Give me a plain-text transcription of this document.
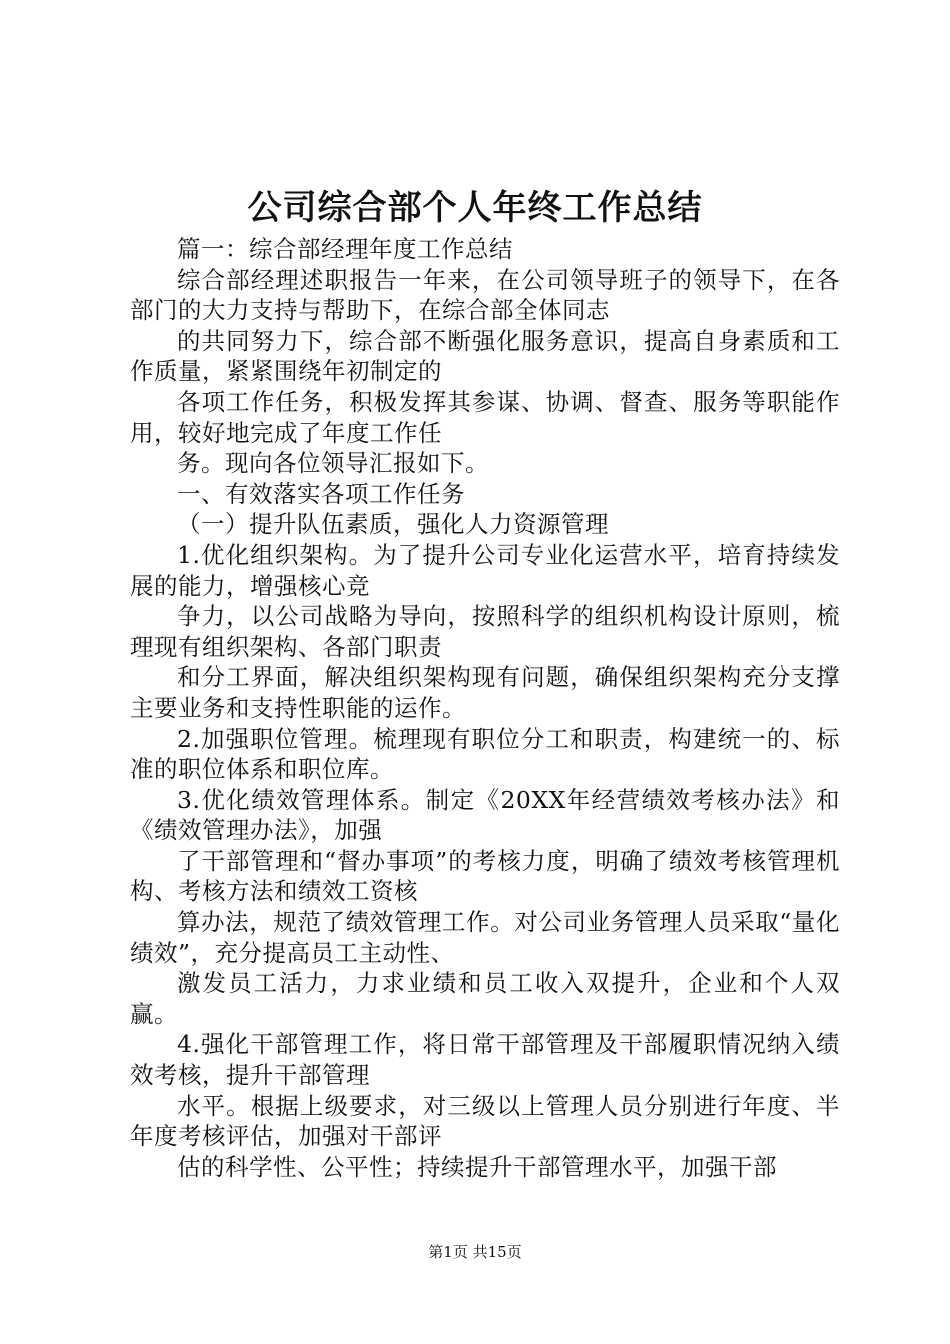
公司综合部个人年终工作总结

篇一：综合部经理年度工作总结

综合部经理述职报告一年来，在公司领导班子的领导下，在各部门的大力支持与帮助下，在综合部全体同志

的共同努力下，综合部不断强化服务意识，提高自身素质和工作质量，紧紧围绕年初制定的

各项工作任务，积极发挥其参谋、协调、督查、服务等职能作用，较好地完成了年度工作任

务。现向各位领导汇报如下。

一、有效落实各项工作任务

（一）提升队伍素质，强化人力资源管理

1.优化组织架构。为了提升公司专业化运营水平，培育持续发展的能力，增强核心竞

争力，以公司战略为导向，按照科学的组织机构设计原则，梳理现有组织架构、各部门职责

和分工界面，解决组织架构现有问题，确保组织架构充分支撑主要业务和支持性职能的运作。

2.加强职位管理。梳理现有职位分工和职责，构建统一的、标准的职位体系和职位库。

3.优化绩效管理体系。制定《20XX年经营绩效考核办法》和《绩效管理办法》，加强

了干部管理和“督办事项”的考核力度，明确了绩效考核管理机构、考核方法和绩效工资核

算办法，规范了绩效管理工作。对公司业务管理人员采取“量化绩效”，充分提高员工主动性、

激发员工活力，力求业绩和员工收入双提升，企业和个人双赢。

4.强化干部管理工作，将日常干部管理及干部履职情况纳入绩效考核，提升干部管理

水平。根据上级要求，对三级以上管理人员分别进行年度、半年度考核评估，加强对干部评

估的科学性、公平性；持续提升干部管理水平，加强干部

第1页 共15页
